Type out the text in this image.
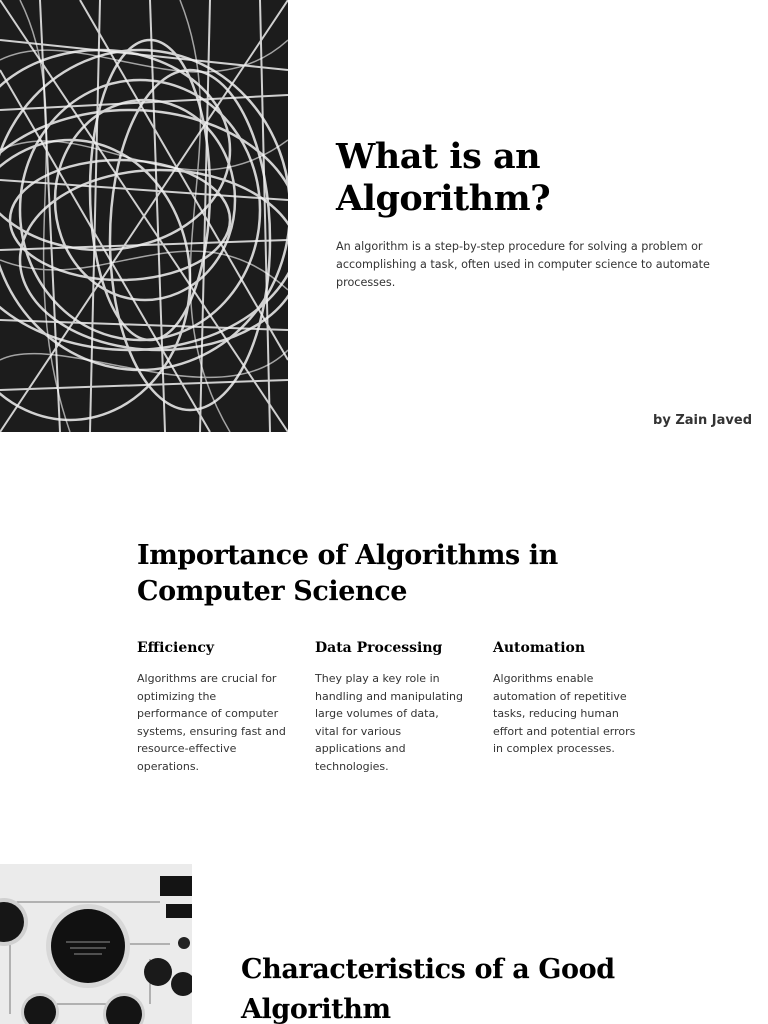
What is an Algorithm?

An algorithm is a step-by-step procedure for solving a problem or accomplishing a task, often used in computer science to automate processes.

by Zain Javed

Importance of Algorithms in Computer Science
Efficiency

Algorithms are crucial for optimizing the performance of computer systems, ensuring fast and resource-effective operations.

Data Processing

They play a key role in handling and manipulating large volumes of data, vital for various applications and technologies.

Automation

Algorithms enable automation of repetitive tasks, reducing human effort and potential errors in complex processes.

Characteristics of a Good Algorithm
